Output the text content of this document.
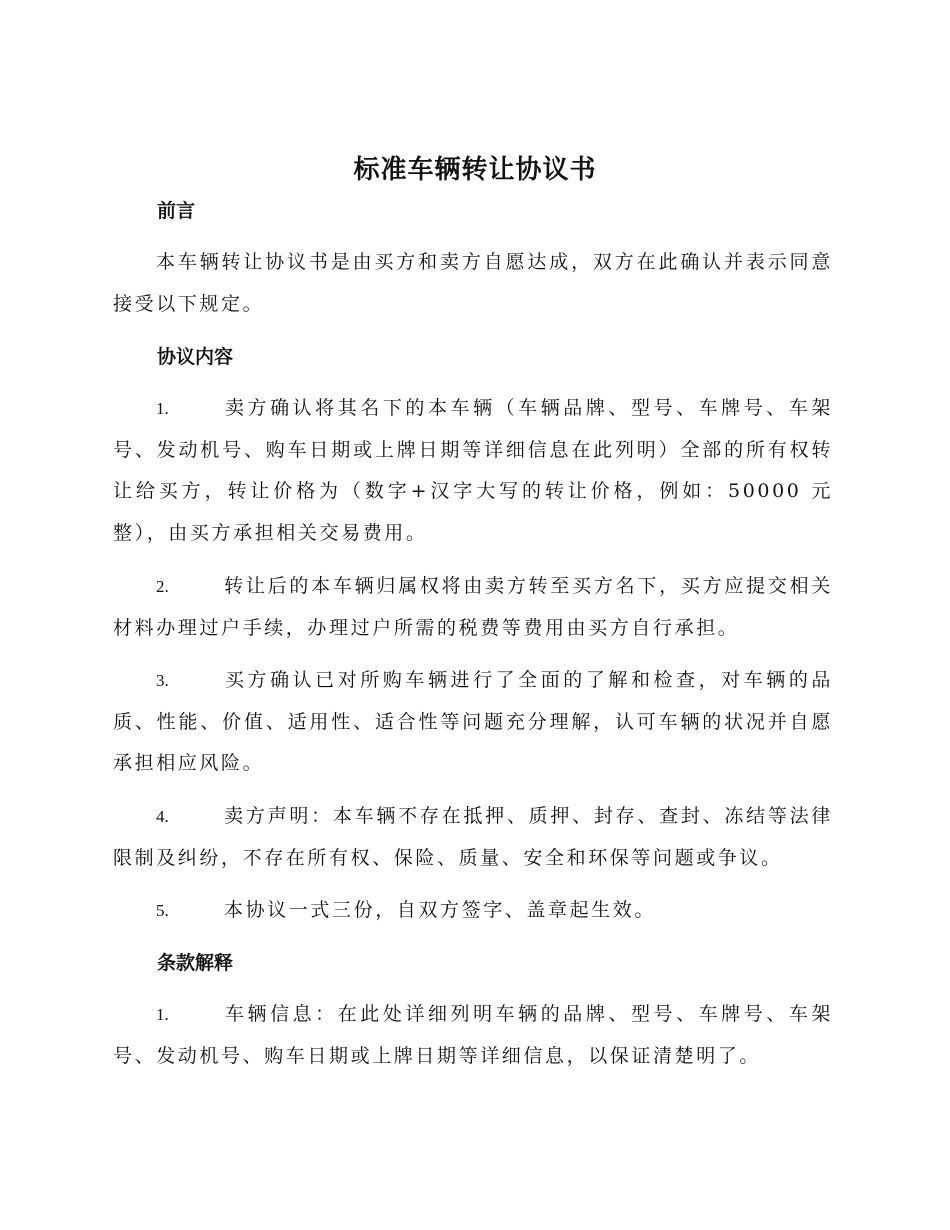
标准车辆转让协议书
前言
本车辆转让协议书是由买方和卖方自愿达成，双方在此确认并表示同意接受以下规定。
协议内容
1.	卖方确认将其名下的本车辆（车辆品牌、型号、车牌号、车架号、发动机号、购车日期或上牌日期等详细信息在此列明）全部的所有权转让给买方，转让价格为（数字+汉字大写的转让价格，例如：50000 元整），由买方承担相关交易费用。
2.	转让后的本车辆归属权将由卖方转至买方名下，买方应提交相关材料办理过户手续，办理过户所需的税费等费用由买方自行承担。
3.	买方确认已对所购车辆进行了全面的了解和检查，对车辆的品质、性能、价值、适用性、适合性等问题充分理解，认可车辆的状况并自愿承担相应风险。
4.	卖方声明：本车辆不存在抵押、质押、封存、查封、冻结等法律限制及纠纷，不存在所有权、保险、质量、安全和环保等问题或争议。
5.	本协议一式三份，自双方签字、盖章起生效。
条款解释
1.	车辆信息：在此处详细列明车辆的品牌、型号、车牌号、车架号、发动机号、购车日期或上牌日期等详细信息，以保证清楚明了。
